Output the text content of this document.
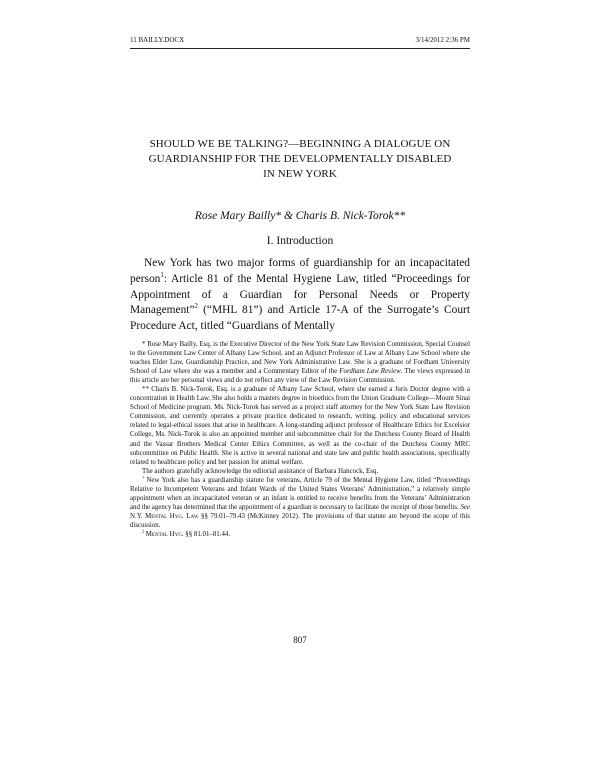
11 BAILLY.DOCX	3/14/2012 2:36 PM
SHOULD WE BE TALKING?—BEGINNING A DIALOGUE ON
GUARDIANSHIP FOR THE DEVELOPMENTALLY DISABLED
IN NEW YORK
Rose Mary Bailly* & Charis B. Nick-Torok**
I. Introduction

New York has two major forms of guardianship for an incapacitated person$^1$: Article 81 of the Mental Hygiene Law, titled “Proceedings for Appointment of a Guardian for Personal Needs or Property Management”$^2$ (“MHL 81”) and Article 17-A of the Surrogate’s Court Procedure Act, titled “Guardians of Mentally

* Rose Mary Bailly, Esq. is the Executive Director of the New York State Law Revision Commission, Special Counsel to the Government Law Center of Albany Law School, and an Adjunct Professor of Law at Albany Law School where she teaches Elder Law, Guardianship Practice, and New York Administrative Law. She is a graduate of Fordham University School of Law where she was a member and a Commentary Editor of the Fordham Law Review. The views expressed in this article are her personal views and do not reflect any view of the Law Revision Commission.

** Charis B. Nick-Torok, Esq. is a graduate of Albany Law School, where she earned a Juris Doctor degree with a concentration in Health Law. She also holds a masters degree in bioethics from the Union Graduate College—Mount Sinai School of Medicine program. Ms. Nick-Torok has served as a project staff attorney for the New York State Law Revision Commission, and currently operates a private practice dedicated to research, writing, policy and educational services related to legal-ethical issues that arise in healthcare. A long-standing adjunct professor of Healthcare Ethics for Excelsior College, Ms. Nick-Torok is also an appointed member and subcommittee chair for the Dutchess County Board of Health and the Vassar Brothers Medical Center Ethics Committee, as well as the co-chair of the Dutchess County MRC subcommittee on Public Health. She is active in several national and state law and public health associations, specifically related to healthcare policy and her passion for animal welfare.

The authors gratefully acknowledge the editorial assistance of Barbara Hancock, Esq.

$^1$ New York also has a guardianship statute for veterans, Article 79 of the Mental Hygiene Law, titled “Proceedings Relative to Incompetent Veterans and Infant Wards of the United States Veterans’ Administration,” a relatively simple appointment when an incapacitated veteran or an infant is entitled to receive benefits from the Veterans’ Administration and the agency has determined that the appointment of a guardian is necessary to facilitate the receipt of those benefits. See N.Y. Mental Hyg. Law §§ 79.01–79.43 (McKinney 2012). The provisions of that statute are beyond the scope of this discussion.

$^2$ Mental Hyg. §§ 81.01–81.44.

807
